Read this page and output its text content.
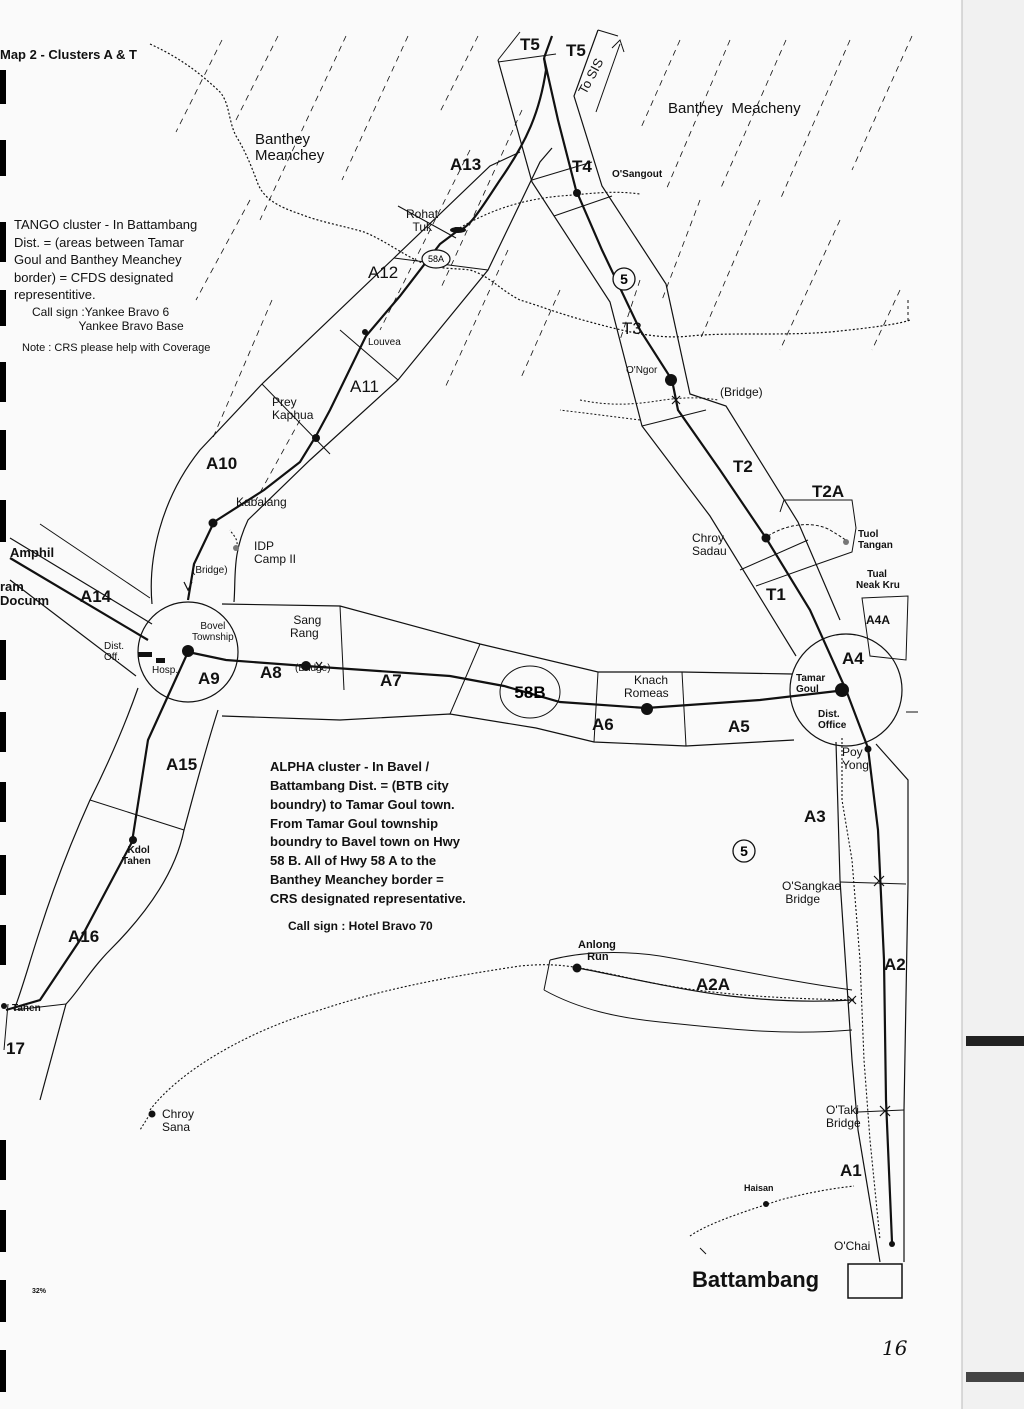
Map 2 - Clusters A & T
Banthey
Meanchey
Banthey  Meacheny
To SIS
TANGO cluster - In Battambang
Dist. = (areas between Tamar
Goul and Banthey Meanchey
border) = CFDS designated
representitive.
Call sign :Yankee Bravo 6
Yankee Bravo Base
Note : CRS please help with Coverage
ALPHA cluster - In Bavel /
Battambang Dist. = (BTB city
boundry) to Tamar Goul town.
From Tamar Goul township
boundry to Bavel town on Hwy
58 B. All of Hwy 58 A to the
Banthey Meanchey border =
CRS designated representative.
Call sign : Hotel Bravo 70
T5 T5
T4
T3
T2
T2A
T1
A4
A4A
A5
A6
A7
A8
A9
A10
A11
A12
A13
A14
A15
A16
17
A3
A2
A2A
A1
5
5
58A
58B
O'Sangout
Rohat
Tuk
Louvea
O'Ngor
(Bridge)
Prey
Kaphua
Kabalang
IDP
Camp II
(Bridge)
Amphil
ram
Docurm
Bovel
Township
Dist.
Off.
Hosp.
Sang
Rang
(Bridge)
Knach
Romeas
Chroy
Sadau
Tuol
Tangan
Tual
Neak Kru
Tamar
Goul
Dist.
Office
Poy
Yong
Kdol
Tahen
O'Sangkae
Bridge
Anlong
Run
Tahen
Chroy
Sana
O'Taki
Bridge
Haisan
O'Chai
Battambang
32%
16
